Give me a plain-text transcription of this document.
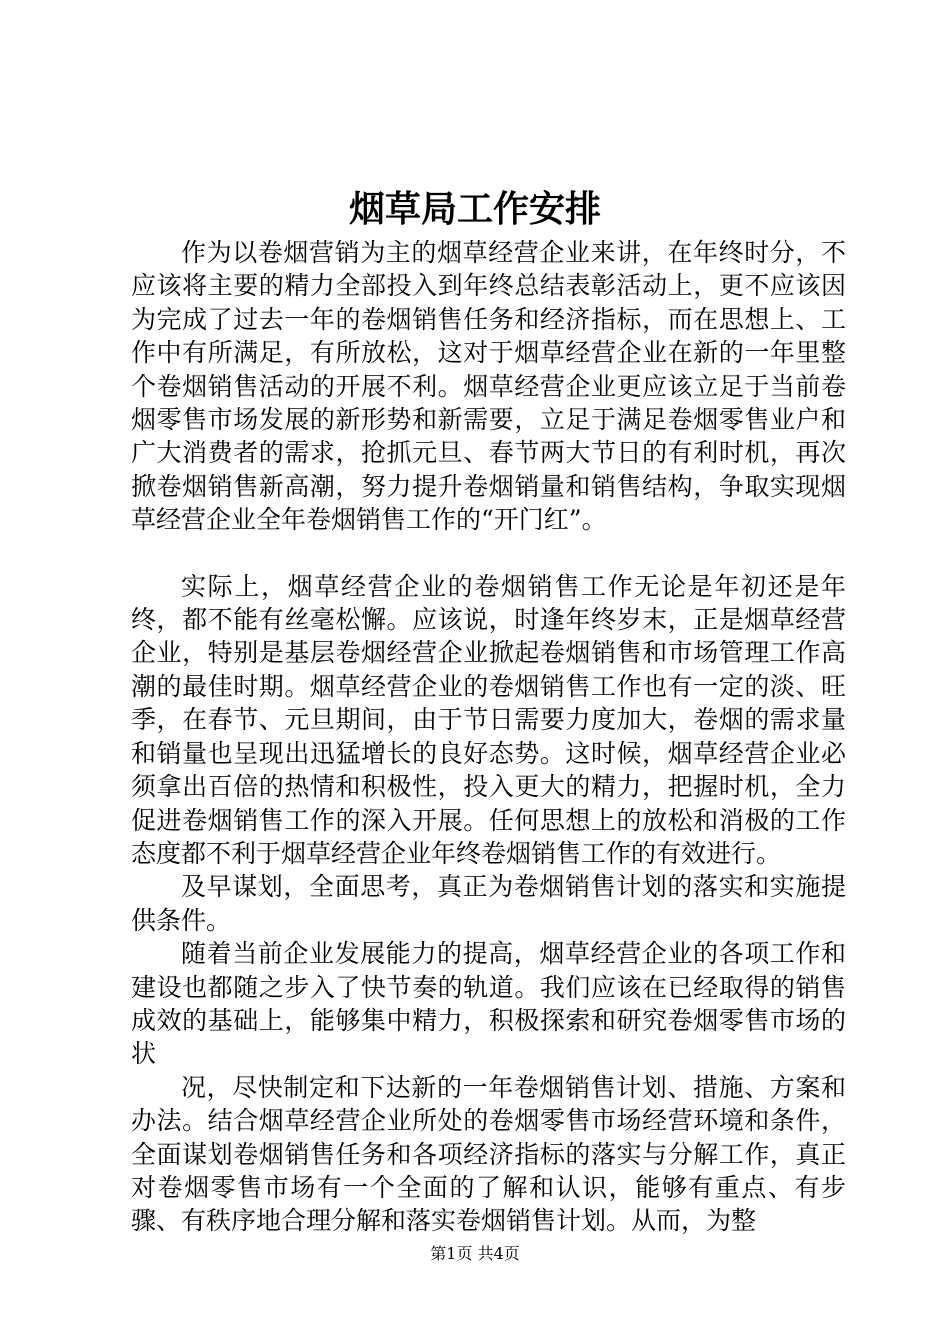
烟草局工作安排

作为以卷烟营销为主的烟草经营企业来讲，在年终时分，不应该将主要的精力全部投入到年终总结表彰活动上，更不应该因为完成了过去一年的卷烟销售任务和经济指标，而在思想上、工作中有所满足，有所放松，这对于烟草经营企业在新的一年里整个卷烟销售活动的开展不利。烟草经营企业更应该立足于当前卷烟零售市场发展的新形势和新需要，立足于满足卷烟零售业户和广大消费者的需求，抢抓元旦、春节两大节日的有利时机，再次掀卷烟销售新高潮，努力提升卷烟销量和销售结构，争取实现烟草经营企业全年卷烟销售工作的“开门红”。

实际上，烟草经营企业的卷烟销售工作无论是年初还是年终，都不能有丝毫松懈。应该说，时逢年终岁末，正是烟草经营企业，特别是基层卷烟经营企业掀起卷烟销售和市场管理工作高潮的最佳时期。烟草经营企业的卷烟销售工作也有一定的淡、旺季，在春节、元旦期间，由于节日需要力度加大，卷烟的需求量和销量也呈现出迅猛增长的良好态势。这时候，烟草经营企业必须拿出百倍的热情和积极性，投入更大的精力，把握时机，全力促进卷烟销售工作的深入开展。任何思想上的放松和消极的工作态度都不利于烟草经营企业年终卷烟销售工作的有效进行。

及早谋划，全面思考，真正为卷烟销售计划的落实和实施提供条件。

随着当前企业发展能力的提高，烟草经营企业的各项工作和建设也都随之步入了快节奏的轨道。我们应该在已经取得的销售成效的基础上，能够集中精力，积极探索和研究卷烟零售市场的状

况，尽快制定和下达新的一年卷烟销售计划、措施、方案和办法。结合烟草经营企业所处的卷烟零售市场经营环境和条件，全面谋划卷烟销售任务和各项经济指标的落实与分解工作，真正对卷烟零售市场有一个全面的了解和认识，能够有重点、有步骤、有秩序地合理分解和落实卷烟销售计划。从而，为整

第1页 共4页
